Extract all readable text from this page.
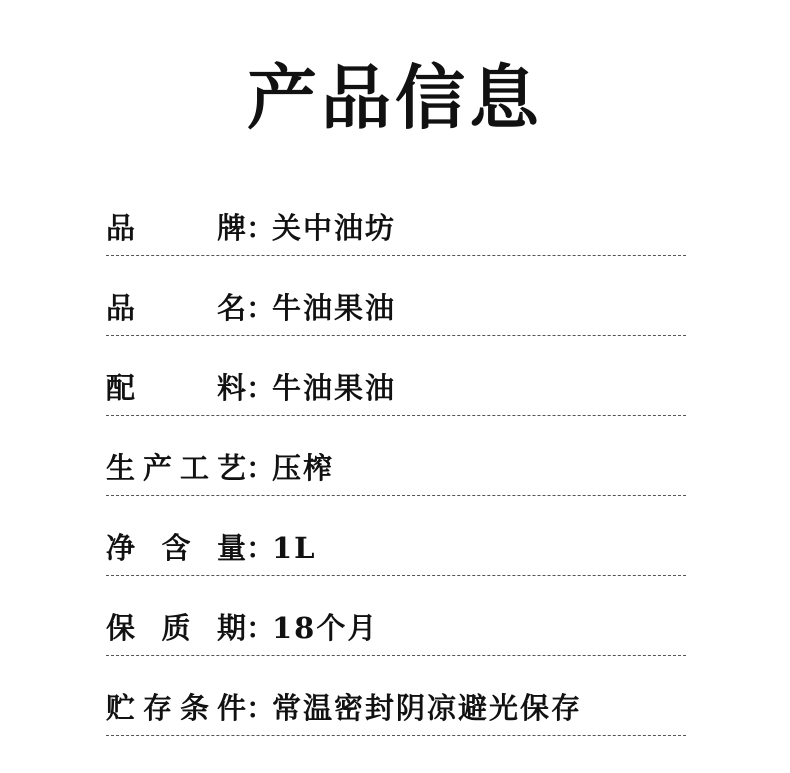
产品信息
品	牌 ：
关中油坊
品	名 ：
牛油果油
配	料 ：
牛油果油
生 产 工 艺 ：
压榨
净 含 量 ：
1L
保 质 期 ：
18个月
贮 存 条 件 ：
常温密封阴凉避光保存
